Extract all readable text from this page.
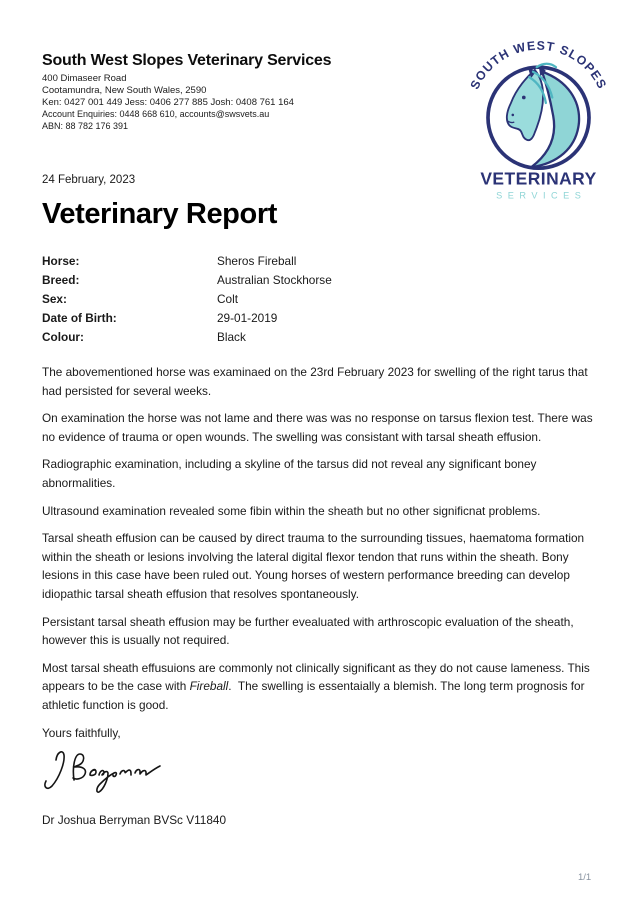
South West Slopes Veterinary Services
400 Dimaseer Road
Cootamundra, New South Wales, 2590
Ken: 0427 001 449 Jess: 0406 277 885 Josh: 0408 761 164
Account Enquiries: 0448 668 610, accounts@swsvets.au
ABN: 88 782 176 391
SOUTH WEST SLOPES
VETERINARY
SERVICES
24 February, 2023
Veterinary Report
Horse:	Sheros Fireball
Breed:	Australian Stockhorse
Sex:	Colt
Date of Birth:	29-01-2019
Colour:	Black

The abovementioned horse was examinaed on the 23rd February 2023 for swelling of the right tarus that had persisted for several weeks.

On examination the horse was not lame and there was was no response on tarsus flexion test. There was no evidence of trauma or open wounds. The swelling was consistant with tarsal sheath effusion.

Radiographic examination, including a skyline of the tarsus did not reveal any significant boney abnormalities.

Ultrasound examination revealed some fibin within the sheath but no other significnat problems.

Tarsal sheath effusion can be caused by direct trauma to the surrounding tissues, haematoma formation within the sheath or lesions involving the lateral digital flexor tendon that runs within the sheath. Bony lesions in this case have been ruled out. Young horses of western performance breeding can develop idiopathic tarsal sheath effusion that resolves spontaneously.

Persistant tarsal sheath effusion may be further evealuated with arthroscopic evaluation of the sheath, however this is usually not required.

Most tarsal sheath effusuions are commonly not clinically significant as they do not cause lameness. This appears to be the case with Fireball.  The swelling is essentaially a blemish. The long term prognosis for athletic function is good.

Yours faithfully,

Dr Joshua Berryman BVSc V11840
1/1
